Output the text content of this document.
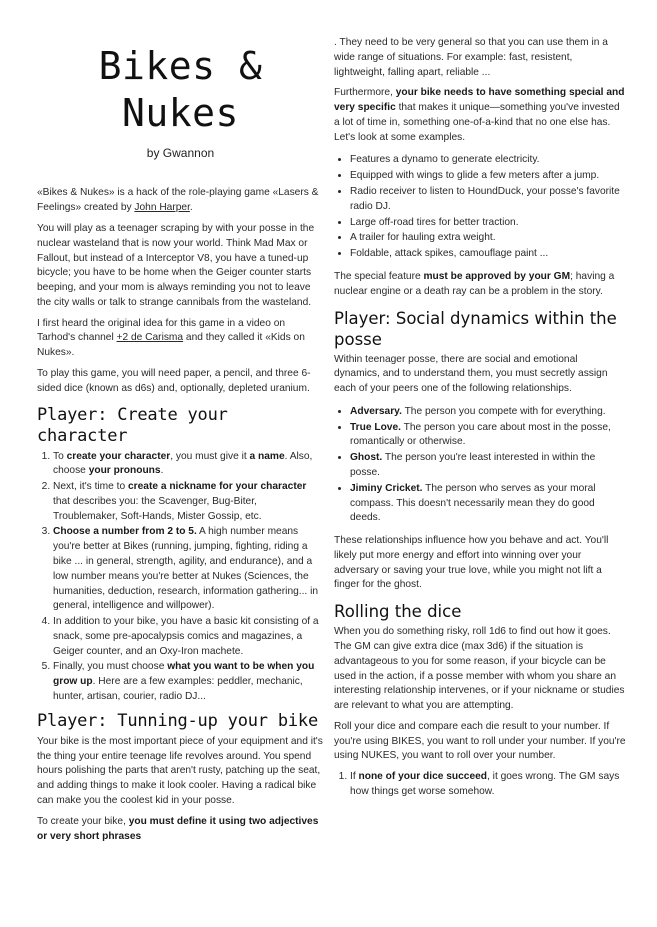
Bikes &
Nukes
by Gwannon

«Bikes & Nukes» is a hack of the role-playing game «Lasers & Feelings» created by John Harper.

You will play as a teenager scraping by with your posse in the nuclear wasteland that is now your world. Think Mad Max or Fallout, but instead of a Interceptor V8, you have a tuned-up bicycle; you have to be home when the Geiger counter starts beeping, and your mom is always reminding you not to leave the city walls or talk to strange cannibals from the wasteland.

I first heard the original idea for this game in a video on Tarhod's channel +2 de Carisma and they called it «Kids on Nukes».

To play this game, you will need paper, a pencil, and three 6-sided dice (known as d6s) and, optionally, depleted uranium.

Player: Create your character
1. To create your character, you must give it a name. Also, choose your pronouns.
2. Next, it's time to create a nickname for your character that describes you: the Scavenger, Bug-Biter, Troublemaker, Soft-Hands, Mister Gossip, etc.
3. Choose a number from 2 to 5. A high number means you're better at Bikes (running, jumping, fighting, riding a bike ... in general, strength, agility, and endurance), and a low number means you're better at Nukes (Sciences, the humanities, deduction, research, information gathering... in general, intelligence and willpower).
4. In addition to your bike, you have a basic kit consisting of a snack, some pre-apocalypsis comics and magazines, a Geiger counter, and an Oxy-Iron machete.
5. Finally, you must choose what you want to be when you grow up. Here are a few examples: peddler, mechanic, hunter, artisan, courier, radio DJ...
Player: Tunning-up your bike

Your bike is the most important piece of your equipment and it's the thing your entire teenage life revolves around. You spend hours polishing the parts that aren't rusty, patching up the seat, and adding things to make it look cooler. Having a radical bike can make you the coolest kid in your posse.

To create your bike, you must define it using two adjectives or very short phrases

. They need to be very general so that you can use them in a wide range of situations. For example: fast, resistent, lightweight, falling apart, reliable ...

Furthermore, your bike needs to have something special and very specific that makes it unique—something you've invested a lot of time in, something one-of-a-kind that no one else has. Let's look at some examples.

• Features a dynamo to generate electricity.
• Equipped with wings to glide a few meters after a jump.
• Radio receiver to listen to HoundDuck, your posse's favorite radio DJ.
• Large off-road tires for better traction.
• A trailer for hauling extra weight.
• Foldable, attack spikes, camouflage paint ...

The special feature must be approved by your GM; having a nuclear engine or a death ray can be a problem in the story.

Player: Social dynamics within the posse

Within teenager posse, there are social and emotional dynamics, and to understand them, you must secretly assign each of your peers one of the following relationships.

• Adversary. The person you compete with for everything.
• True Love. The person you care about most in the posse, romantically or otherwise.
• Ghost. The person you're least interested in within the posse.
• Jiminy Cricket. The person who serves as your moral compass. This doesn't necessarily mean they do good deeds.

These relationships influence how you behave and act. You'll likely put more energy and effort into winning over your adversary or saving your true love, while you might not lift a finger for the ghost.

Rolling the dice

When you do something risky, roll 1d6 to find out how it goes. The GM can give extra dice (max 3d6) if the situation is advantageous to you for some reason, if your bicycle can be used in the action, if a posse member with whom you share an interesting relationship intervenes, or if your nickname or studies are relevant to what you are attempting.

Roll your dice and compare each die result to your number. If you're using BIKES, you want to roll under your number. If you're using NUKES, you want to roll over your number.

1. If none of your dice succeed, it goes wrong. The GM says how things get worse somehow.
